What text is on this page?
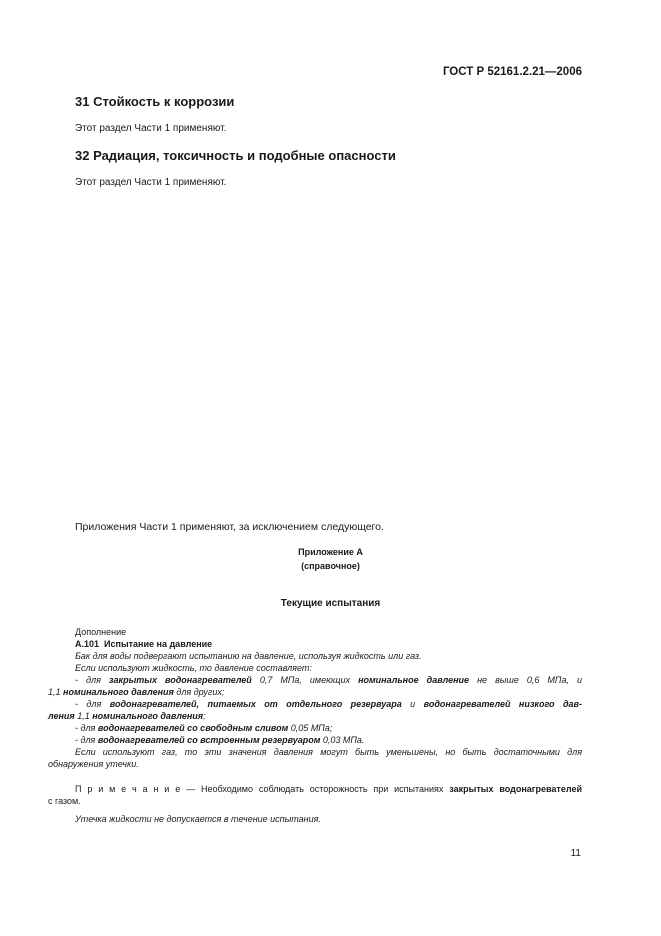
ГОСТ Р 52161.2.21—2006
31 Стойкость к коррозии
Этот раздел Части 1 применяют.
32 Радиация, токсичность и подобные опасности
Этот раздел Части 1 применяют.
Приложения Части 1 применяют, за исключением следующего.
Приложение А
(справочное)
Текущие испытания
Дополнение
А.101 Испытание на давление
Бак для воды подвергают испытанию на давление, используя жидкость или газ.
Если используют жидкость, то давление составляет:
- для закрытых водонагревателей 0,7 МПа, имеющих номинальное давление не выше 0,6 МПа, и
1,1 номинального давления для других;
- для водонагревателей, питаемых от отдельного резервуара и водонагревателей низкого дав-
ления 1,1 номинального давления;
- для водонагревателей со свободным сливом 0,05 МПа;
- для водонагревателей со встроенным резервуаром 0,03 МПа.
Если используют газ, то эти значения давления могут быть уменьшены, но быть достаточными для
обнаружения утечки.
П р и м е ч а н и е — Необходимо соблюдать осторожность при испытаниях закрытых водонагревателей
с газом.
Утечка жидкости не допускается в течение испытания.
11
